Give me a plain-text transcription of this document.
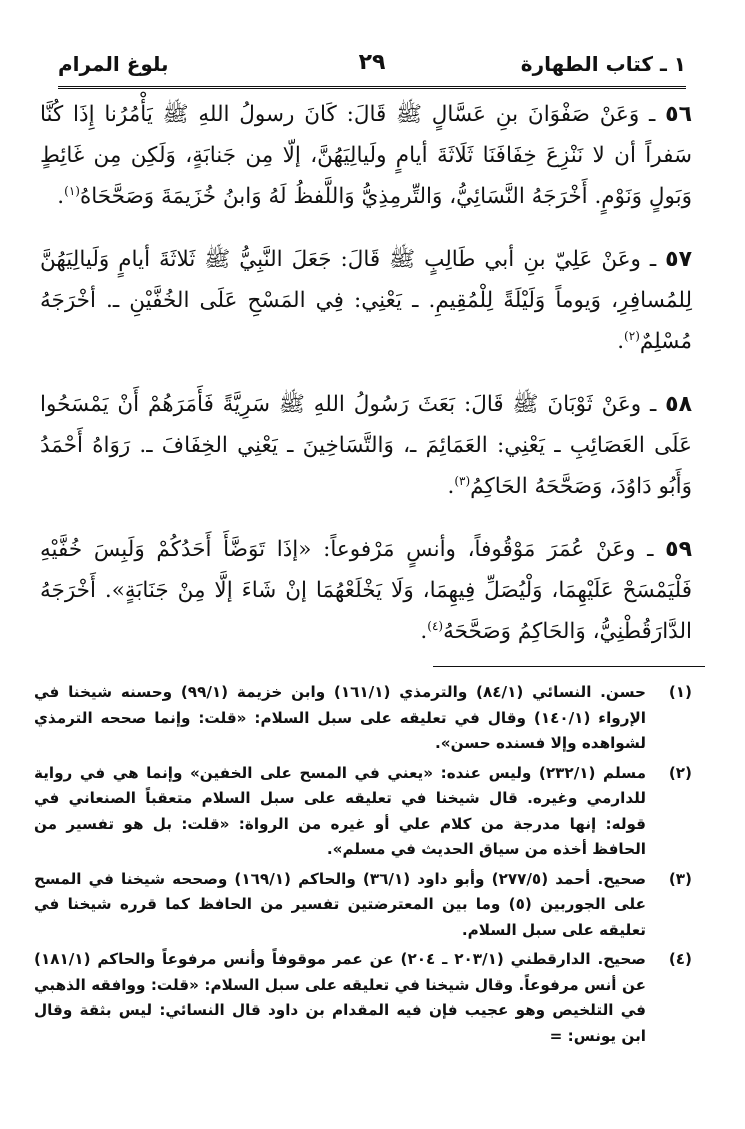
١ ـ كتاب الطهارة
٢٩
بلوغ المرام

٥٦ ـ وَعَنْ صَفْوَانَ بنِ عَسَّالٍ ﷺ قَالَ: كَانَ رسولُ اللهِ ﷺ يَأْمُرُنا إِذَا كُنَّا سَفراً أن لا نَنْزِعَ خِفَافَنَا ثَلَاثَةَ أيامٍ ولَيالِيَهُنَّ، إلّا مِن جَنابَةٍ، وَلَكِن مِن غَائِطٍ وَبَولٍ وَنَوْمٍ. أَخْرَجَهُ النَّسَائِيُّ، وَالتِّرمِذِيُّ وَاللَّفظُ لَهُ وَابنُ خُزَيمَةَ وَصَحَّحَاهُ$^{(١)}$.

٥٧ ـ وعَنْ عَلِيّ بنِ أبي طَالِبٍ ﷺ قَالَ: جَعَلَ النَّبِيُّ ﷺ ثَلاثَةَ أيامٍ وَلَيالِيَهُنَّ لِلمُسافِرِ، وَيوماً وَلَيْلَةً لِلْمُقِيمِ. ـ يَعْنِي: فِي المَسْحِ عَلَى الخُفَّيْنِ ـ. أخْرَجَهُ مُسْلِمٌ$^{(٢)}$.

٥٨ ـ وعَنْ ثَوْبَانَ ﷺ قَالَ: بَعَثَ رَسُولُ اللهِ ﷺ سَرِيَّةً فَأَمَرَهُمْ أَنْ يَمْسَحُوا عَلَى العَصَائِبِ ـ يَعْنِي: العَمَائِمَ ـ، وَالتَّسَاخِينَ ـ يَعْنِي الخِفَافَ ـ. رَوَاهُ أَحْمَدُ وَأَبُو دَاوُدَ، وَصَحَّحَهُ الحَاكِمُ$^{(٣)}$.

٥٩ ـ وعَنْ عُمَرَ مَوْقُوفاً، وأنسٍ مَرْفوعاً: «إذَا تَوَضَّأَ أَحَدُكُمْ وَلَبِسَ خُفَّيْهِ فَلْيَمْسَحْ عَلَيْهِمَا، وَلْيُصَلِّ فِيهِمَا، وَلَا يَخْلَعْهُمَا إنْ شَاءَ إلَّا مِنْ جَنَابَةٍ». أَخْرَجَهُ الدَّارَقُطْنِيُّ، وَالحَاكِمُ وَصَحَّحَهُ$^{(٤)}$.

(١)
حسن. النسائي (٨٤/١) والترمذي (١٦١/١) وابن خزيمة (٩٩/١) وحسنه شيخنا في الإرواء (١٤٠/١) وقال في تعليقه على سبل السلام: «قلت: وإنما صححه الترمذي لشواهده وإلا فسنده حسن».
(٢)
مسلم (٢٣٢/١) وليس عنده: «يعني في المسح على الخفين» وإنما هي في رواية للدارمي وغيره. قال شيخنا في تعليقه على سبل السلام متعقباً الصنعاني في قوله: إنها مدرجة من كلام علي أو غيره من الرواة: «قلت: بل هو تفسير من الحافظ أخذه من سياق الحديث في مسلم».
(٣)
صحيح. أحمد (٢٧٧/٥) وأبو داود (٣٦/١) والحاكم (١٦٩/١) وصححه شيخنا في المسح على الجوربين (٥) وما بين المعترضتين تفسير من الحافظ كما قرره شيخنا في تعليقه على سبل السلام.
(٤)
صحيح. الدارقطني (٢٠٣/١ ـ ٢٠٤) عن عمر موقوفاً وأنس مرفوعاً والحاكم (١٨١/١) عن أنس مرفوعاً. وقال شيخنا في تعليقه على سبل السلام: «قلت: ووافقه الذهبي في التلخيص وهو عجيب فإن فيه المقدام بن داود قال النسائي: ليس بثقة وقال ابن يونس: =
